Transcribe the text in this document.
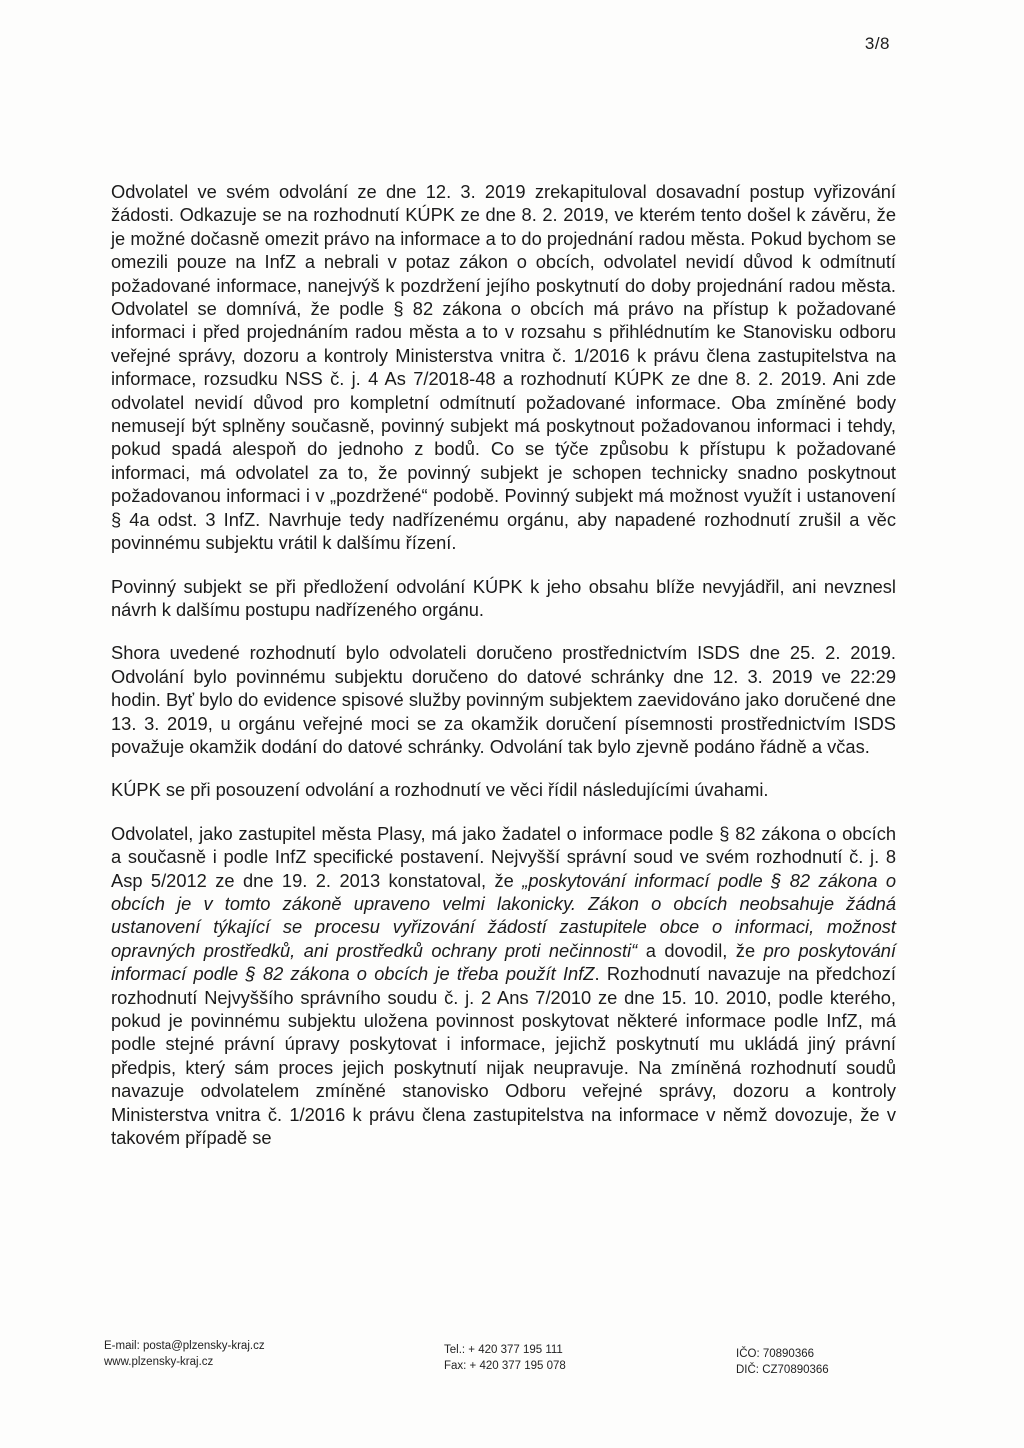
3/8

Odvolatel ve svém odvolání ze dne 12. 3. 2019 zrekapituloval dosavadní postup vyřizování žádosti. Odkazuje se na rozhodnutí KÚPK ze dne 8. 2. 2019, ve kterém tento došel k závěru, že je možné dočasně omezit právo na informace a to do projednání radou města. Pokud bychom se omezili pouze na InfZ a nebrali v potaz zákon o obcích, odvolatel nevidí důvod k odmítnutí požadované informace, nanejvýš k pozdržení jejího poskytnutí do doby projednání radou města. Odvolatel se domnívá, že podle § 82 zákona o obcích má právo na přístup k požadované informaci i před projednáním radou města a to v rozsahu s přihlédnutím ke Stanovisku odboru veřejné správy, dozoru a kontroly Ministerstva vnitra č. 1/2016 k právu člena zastupitelstva na informace, rozsudku NSS č. j. 4 As 7/2018-48 a rozhodnutí KÚPK ze dne 8. 2. 2019. Ani zde odvolatel nevidí důvod pro kompletní odmítnutí požadované informace. Oba zmíněné body nemusejí být splněny současně, povinný subjekt má poskytnout požadovanou informaci i tehdy, pokud spadá alespoň do jednoho z bodů. Co se týče způsobu k přístupu k požadované informaci, má odvolatel za to, že povinný subjekt je schopen technicky snadno poskytnout požadovanou informaci i v „pozdržené“ podobě. Povinný subjekt má možnost využít i ustanovení § 4a odst. 3 InfZ. Navrhuje tedy nadřízenému orgánu, aby napadené rozhodnutí zrušil a věc povinnému subjektu vrátil k dalšímu řízení.

Povinný subjekt se při předložení odvolání KÚPK k jeho obsahu blíže nevyjádřil, ani nevznesl návrh k dalšímu postupu nadřízeného orgánu.

Shora uvedené rozhodnutí bylo odvolateli doručeno prostřednictvím ISDS dne 25. 2. 2019. Odvolání bylo povinnému subjektu doručeno do datové schránky dne 12. 3. 2019 ve 22:29 hodin. Byť bylo do evidence spisové služby povinným subjektem zaevidováno jako doručené dne 13. 3. 2019, u orgánu veřejné moci se za okamžik doručení písemnosti prostřednictvím ISDS považuje okamžik dodání do datové schránky. Odvolání tak bylo zjevně podáno řádně a včas.

KÚPK se při posouzení odvolání a rozhodnutí ve věci řídil následujícími úvahami.

Odvolatel, jako zastupitel města Plasy, má jako žadatel o informace podle § 82 zákona o obcích a současně i podle InfZ specifické postavení. Nejvyšší správní soud ve svém rozhodnutí č. j. 8 Asp 5/2012 ze dne 19. 2. 2013 konstatoval, že „poskytování informací podle § 82 zákona o obcích je v tomto zákoně upraveno velmi lakonicky. Zákon o obcích neobsahuje žádná ustanovení týkající se procesu vyřizování žádostí zastupitele obce o informaci, možnost opravných prostředků, ani prostředků ochrany proti nečinnosti“ a dovodil, že pro poskytování informací podle § 82 zákona o obcích je třeba použít InfZ. Rozhodnutí navazuje na předchozí rozhodnutí Nejvyššího správního soudu č. j. 2 Ans 7/2010 ze dne 15. 10. 2010, podle kterého, pokud je povinnému subjektu uložena povinnost poskytovat některé informace podle InfZ, má podle stejné právní úpravy poskytovat i informace, jejichž poskytnutí mu ukládá jiný právní předpis, který sám proces jejich poskytnutí nijak neupravuje. Na zmíněná rozhodnutí soudů navazuje odvolatelem zmíněné stanovisko Odboru veřejné správy, dozoru a kontroly Ministerstva vnitra č. 1/2016 k právu člena zastupitelstva na informace v němž dovozuje, že v takovém případě se

E-mail: posta@plzensky-kraj.cz
www.plzensky-kraj.cz
Tel.: + 420 377 195 111
Fax: + 420 377 195 078
IČO: 70890366
DIČ: CZ70890366
